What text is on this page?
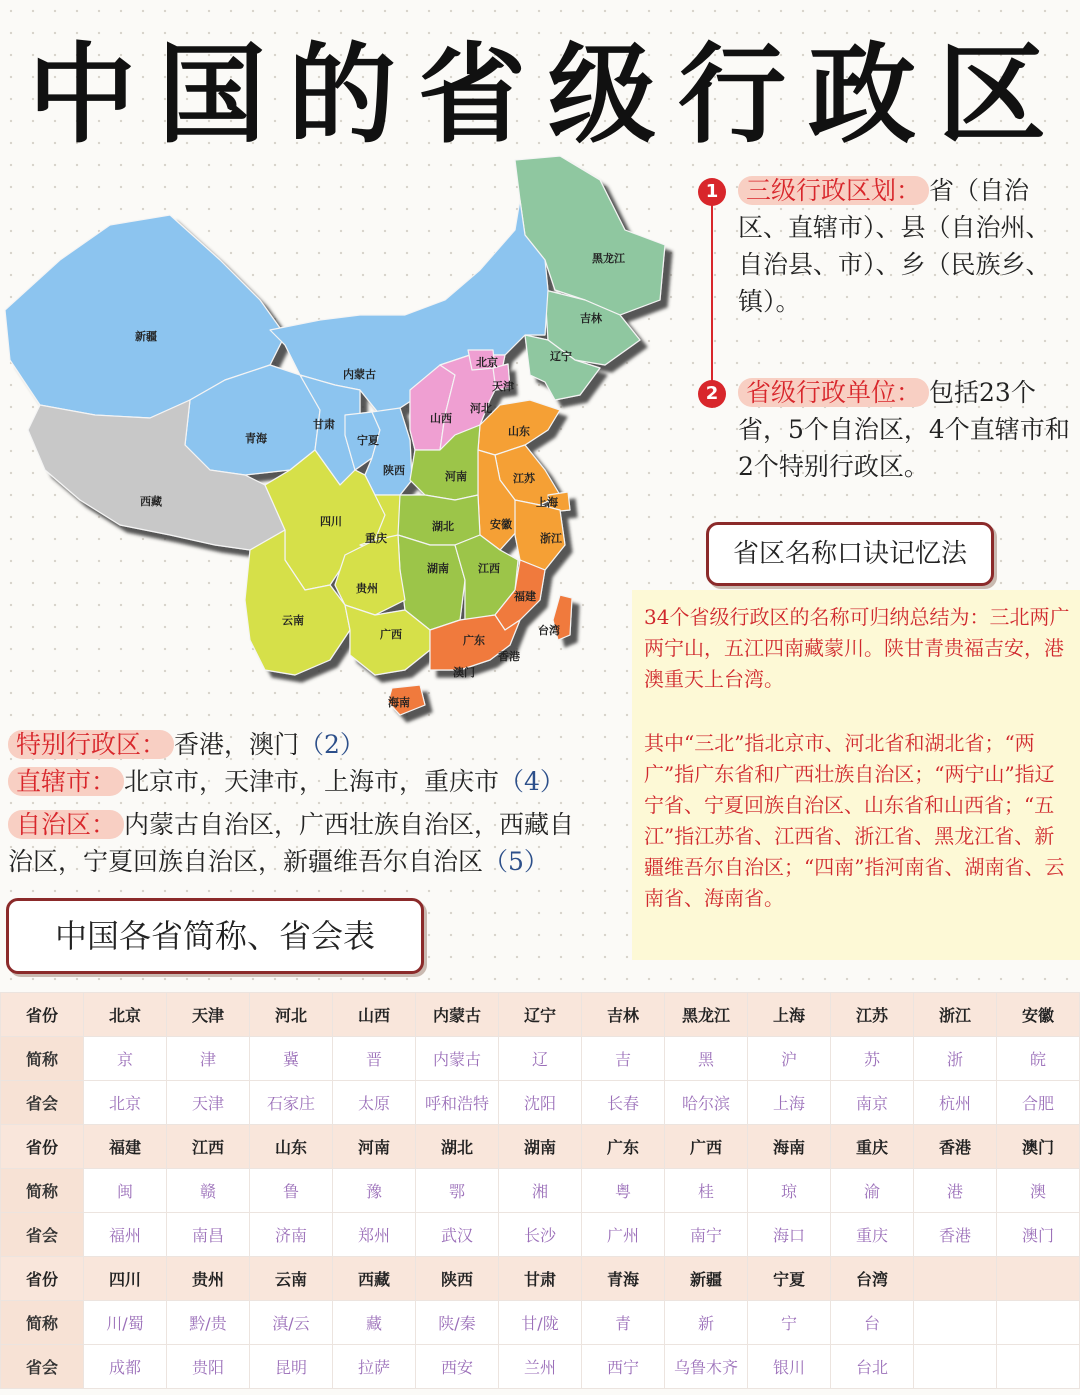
中国的省级行政区
黑龙江
吉林
辽宁
新疆
内蒙古
青海
甘肃
宁夏
陕西
山西
北京
天津
河北
山东
河南	江苏
上海
安徽
浙江
湖北
西藏
四川
重庆
湖南	江西
贵州
福建
台湾
云南
广西	广东
香港
澳门
海南
1	三级行政区划： 省（自治区、直辖市）、县（自治州、自治县、市）、乡（民族乡、镇）。
2	省级行政单位： 包括23个省，5个自治区，4个直辖市和2个特别行政区。
省区名称口诀记忆法
34个省级行政区的名称可归纳总结为：三北两广两宁山，五江四南藏蒙川。陕甘青贵福吉安，港澳重天上台湾。
其中“三北”指北京市、河北省和湖北省；“两广”指广东省和广西壮族自治区；“两宁山”指辽宁省、宁夏回族自治区、山东省和山西省；“五江”指江苏省、江西省、浙江省、黑龙江省、新疆维吾尔自治区；“四南”指河南省、湖南省、云南省、海南省。
特别行政区： 香港，澳门（2）
直辖市： 北京市，天津市，上海市，重庆市（4）
自治区： 内蒙古自治区，广西壮族自治区，西藏自
治区，宁夏回族自治区，新疆维吾尔自治区（5）
中国各省简称、省会表
省份	北京	天津	河北	山西	内蒙古	辽宁	吉林	黑龙江	上海	江苏	浙江	安徽
简称	京	津	冀	晋	内蒙古	辽	吉	黑	沪	苏	浙	皖
省会	北京	天津	石家庄	太原	呼和浩特	沈阳	长春	哈尔滨	上海	南京	杭州	合肥
省份	福建	江西	山东	河南	湖北	湖南	广东	广西	海南	重庆	香港	澳门
简称	闽	赣	鲁	豫	鄂	湘	粤	桂	琼	渝	港	澳
省会	福州	南昌	济南	郑州	武汉	长沙	广州	南宁	海口	重庆	香港	澳门
省份	四川	贵州	云南	西藏	陕西	甘肃	青海	新疆	宁夏	台湾		
简称	川/蜀	黔/贵	滇/云	藏	陕/秦	甘/陇	青	新	宁	台		
省会	成都	贵阳	昆明	拉萨	西安	兰州	西宁	乌鲁木齐	银川	台北		
